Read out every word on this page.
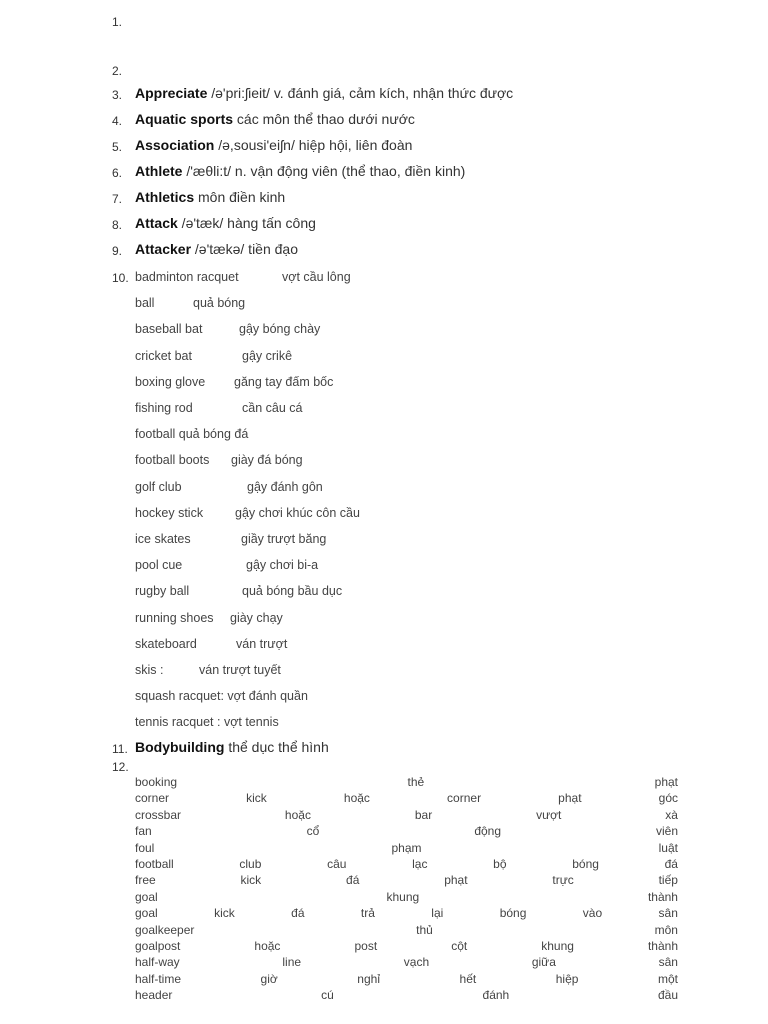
1.
2.
3. Appreciate /ə'pri:ʃieit/ v. đánh giá, cảm kích, nhận thức được
4. Aquatic sports các môn thể thao dưới nước
5. Association /ə,sousi'eiʃn/ hiệp hội, liên đoàn
6. Athlete /'æθli:t/ n. vận động viên (thể thao, điền kinh)
7. Athletics môn điền kinh
8. Attack /ə'tæk/ hàng tấn công
9. Attacker /ə'tækə/ tiền đạo
10. badminton racquet	vợt cầu lông
ball	quả bóng
baseball bat	gậy bóng chày
cricket bat	gậy crikê
boxing glove găng tay đấm bốc
fishing rod	cần câu cá
football quả bóng đá
football boots giày đá bóng
golf club	gậy đánh gôn
hockey stick	gậy chơi khúc côn cầu
ice skates	giầy trượt băng
pool cue	gậy chơi bi-a
rugby ball	quả bóng bầu dục
running shoes giày chạy
skateboard	ván trượt
skis :	ván trượt tuyết
squash racquet: vợt đánh quần
tennis racquet : vợt tennis
11. Bodybuilding thể dục thể hình
12.
booking	thẻ	phạt
corner	kick	hoặc	corner	phạt	góc
crossbar	hoặc	bar	vượt	xà
fan	cổ	động	viên
foul	phạm	luật
football	club	câu	lạc	bộ	bóng	đá
free	kick	đá	phạt	trực	tiếp
goal	khung	thành
goal	kick	đá	trả	lại	bóng	vào	sân
goalkeeper	thủ	môn
goalpost	hoặc	post	cột	khung	thành
half-way	line	vạch	giữa	sân
half-time	giờ	nghỉ	hết	hiệp	một
header	cú	đánh	đầu
